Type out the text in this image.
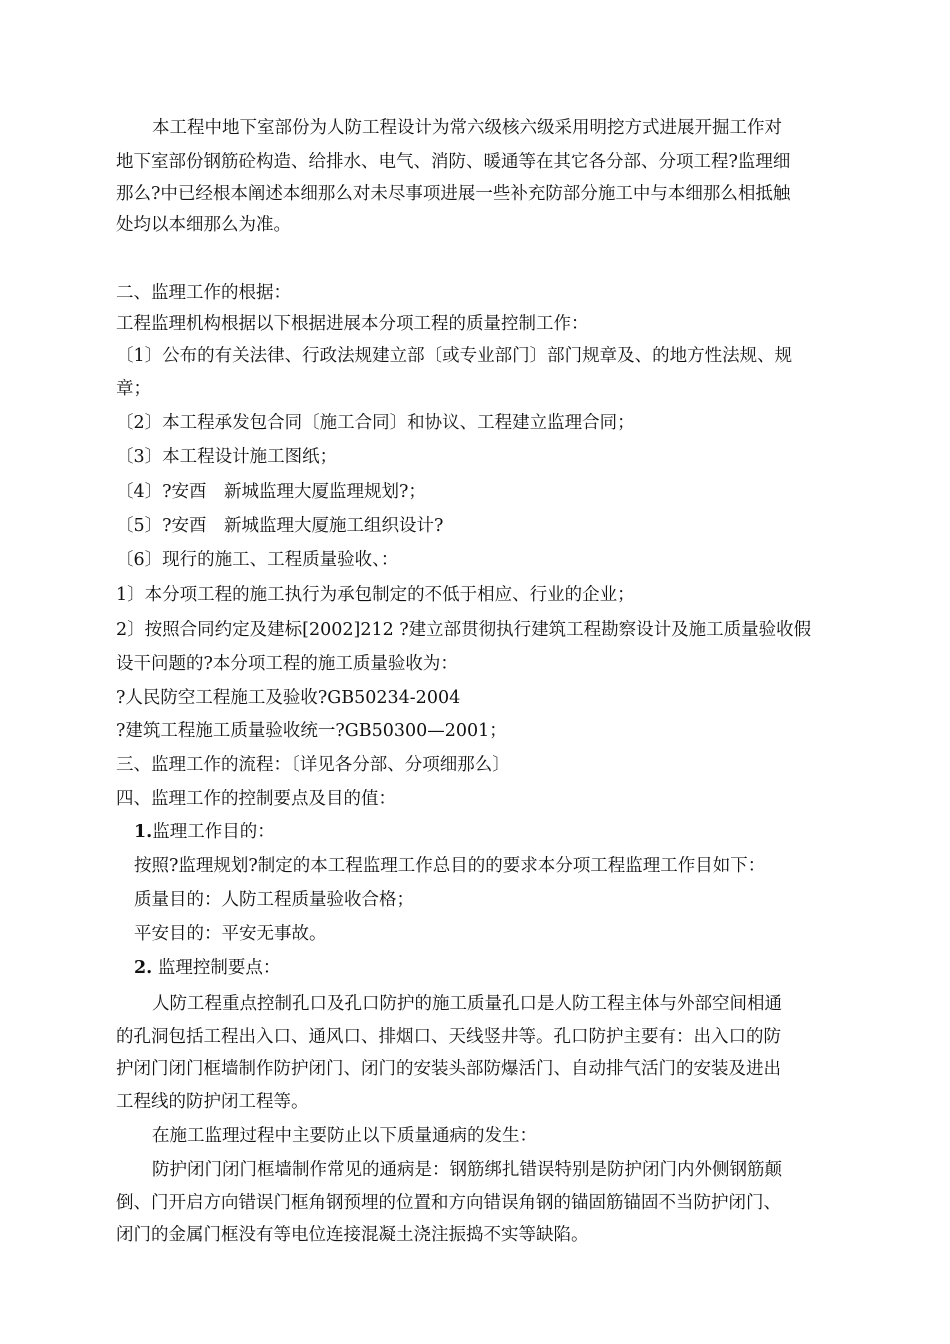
本工程中地下室部份为人防工程设计为常六级核六级采用明挖方式进展开掘工作对
地下室部份钢筋砼构造、给排水、电气、消防、暖通等在其它各分部、分项工程?监理细
那么?中已经根本阐述本细那么对未尽事项进展一些补充防部分施工中与本细那么相抵触
处均以本细那么为准。
二、监理工作的根据：
工程监理机构根据以下根据进展本分项工程的质量控制工作：
〔1〕公布的有关法律、行政法规建立部〔或专业部门〕部门规章及、的地方性法规、规
章；
〔2〕本工程承发包合同〔施工合同〕和协议、工程建立监理合同；
〔3〕本工程设计施工图纸；
〔4〕?安酉　新城监理大厦监理规划?；
〔5〕?安酉　新城监理大厦施工组织设计?
〔6〕现行的施工、工程质量验收、：
1〕本分项工程的施工执行为承包制定的不低于相应、行业的企业；
2〕按照合同约定及建标[2002]212 ?建立部贯彻执行建筑工程勘察设计及施工质量验收假
设干问题的?本分项工程的施工质量验收为：
?人民防空工程施工及验收?GB50234-2004
?建筑工程施工质量验收统一?GB50300—2001；
三、监理工作的流程：〔详见各分部、分项细那么〕
四、监理工作的控制要点及目的值：
1.监理工作目的：
按照?监理规划?制定的本工程监理工作总目的的要求本分项工程监理工作目如下：
质量目的：人防工程质量验收合格；
平安目的：平安无事故。
2. 监理控制要点：
人防工程重点控制孔口及孔口防护的施工质量孔口是人防工程主体与外部空间相通
的孔洞包括工程出入口、通风口、排烟口、天线竖井等。孔口防护主要有：出入口的防
护闭门闭门框墙制作防护闭门、闭门的安装头部防爆活门、自动排气活门的安装及进出
工程线的防护闭工程等。
在施工监理过程中主要防止以下质量通病的发生：
防护闭门闭门框墙制作常见的通病是：钢筋绑扎错误特别是防护闭门内外侧钢筋颠
倒、门开启方向错误门框角钢预埋的位置和方向错误角钢的锚固筋锚固不当防护闭门、
闭门的金属门框没有等电位连接混凝土浇注振捣不实等缺陷。
